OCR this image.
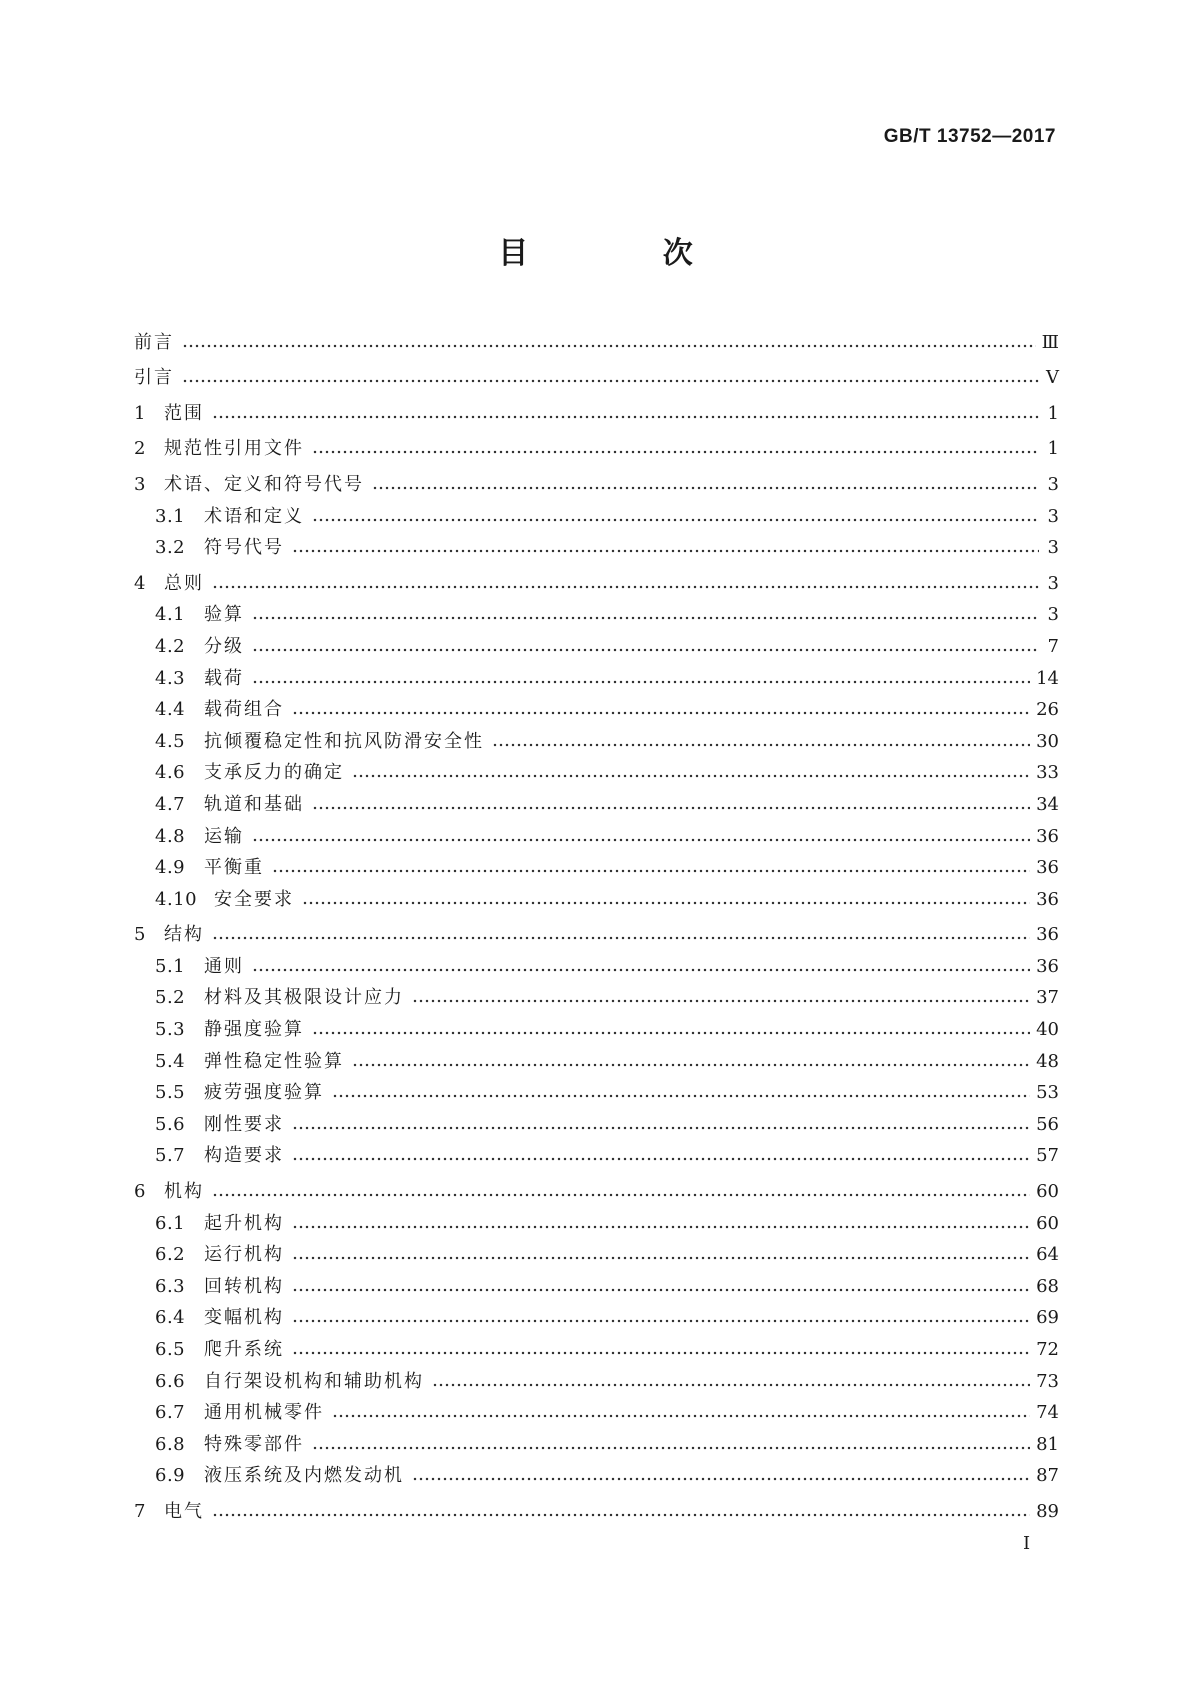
GB/T 13752—2017
目 次
前言	Ⅲ
引言	Ⅴ
1	范围	1
2	规范性引用文件	1
3	术语、定义和符号代号	3
3.1	术语和定义	3
3.2	符号代号	3
4	总则	3
4.1	验算	3
4.2	分级	7
4.3	载荷	14
4.4	载荷组合	26
4.5	抗倾覆稳定性和抗风防滑安全性	30
4.6	支承反力的确定	33
4.7	轨道和基础	34
4.8	运输	36
4.9	平衡重	36
4.10 安全要求	36
5	结构	36
5.1	通则	36
5.2	材料及其极限设计应力	37
5.3	静强度验算	40
5.4	弹性稳定性验算	48
5.5	疲劳强度验算	53
5.6	刚性要求	56
5.7	构造要求	57
6	机构	60
6.1	起升机构	60
6.2	运行机构	64
6.3	回转机构	68
6.4	变幅机构	69
6.5	爬升系统	72
6.6	自行架设机构和辅助机构	73
6.7	通用机械零件	74
6.8	特殊零部件	81
6.9	液压系统及内燃发动机	87
7	电气	89
I
